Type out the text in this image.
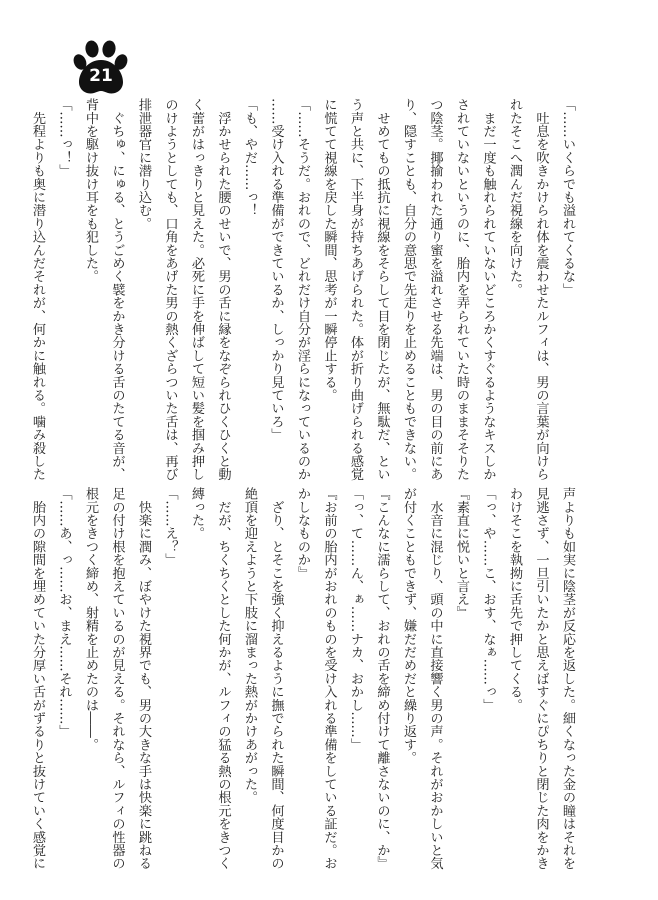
21
「……いくらでも溢れてくるな」
　吐息を吹きかけられ体を震わせたルフィは、男の言葉が向けら
れたそこへ潤んだ視線を向けた。
　まだ一度も触れられていないどころかくすぐるようなキスしか
されていないというのに、胎内を弄られていた時のままそそりた
つ陰茎。揶揄われた通り蜜を溢れさせる先端は、男の目の前にあ
り、隠すことも、自分の意思で先走りを止めることもできない。
　せめてもの抵抗に視線をそらして目を閉じたが、無駄だ、とい
う声と共に、下半身が持ちあげられた。体が折り曲げられる感覚
に慌てて視線を戻した瞬間、思考が一瞬停止する。
「……そうだ。おれので、どれだけ自分が淫らになっているのか
……受け入れる準備ができているか、しっかり見ていろ」
「も、やだ……っ！
　浮かせられた腰のせいで、男の舌に縁をなぞられひくひくと動
く蕾がはっきりと見えた。必死に手を伸ばして短い髪を掴み押し
のけようとしても、口角をあげた男の熱くざらついた舌は、再び
排泄器官に潜り込む。
　ぐちゅ、にゅる、とうごめく襞をかき分ける舌のたてる音が、
背中を駆け抜け耳をも犯した。
「……っ！」
　先程よりも奥に潜り込んだそれが、何かに触れる。噛み殺した
声よりも如実に陰茎が反応を返した。細くなった金の瞳はそれを
見逃さず、一旦引いたかと思えばすぐにぴちりと閉じた肉をかき
わけそこを執拗に舌先で押してくる。
「っ、や……こ、おす、なぁ……っ」
『素直に悦いと言え』
　水音に混じり、頭の中に直接響く男の声。それがおかしいと気
が付くこともできず、嫌だだめだと繰り返す。
『こんなに濡らして、おれの舌を締め付けて離さないのに、か』
「っ、て……ん、ぁ……ナカ、おかし……」
『お前の胎内がおれのものを受け入れる準備をしている証だ。お
かしなものか』
　ざり、とそこを強く抑えるように撫でられた瞬間、何度目かの
絶頂を迎えようと下肢に溜まった熱がかけあがった。
　だが、ちくちくとした何かが、ルフィの猛る熱の根元をきつく
縛った。
「……え？」
　快楽に潤み、ぼやけた視界でも、男の大きな手は快楽に跳ねる
足の付け根を抱えているのが見える。それなら、ルフィの性器の
根元をきつく締め、射精を止めたのは――。
「……あ、っ……お、まえ……それ……」
　胎内の隙間を埋めていた分厚い舌がずるりと抜けていく感覚に
